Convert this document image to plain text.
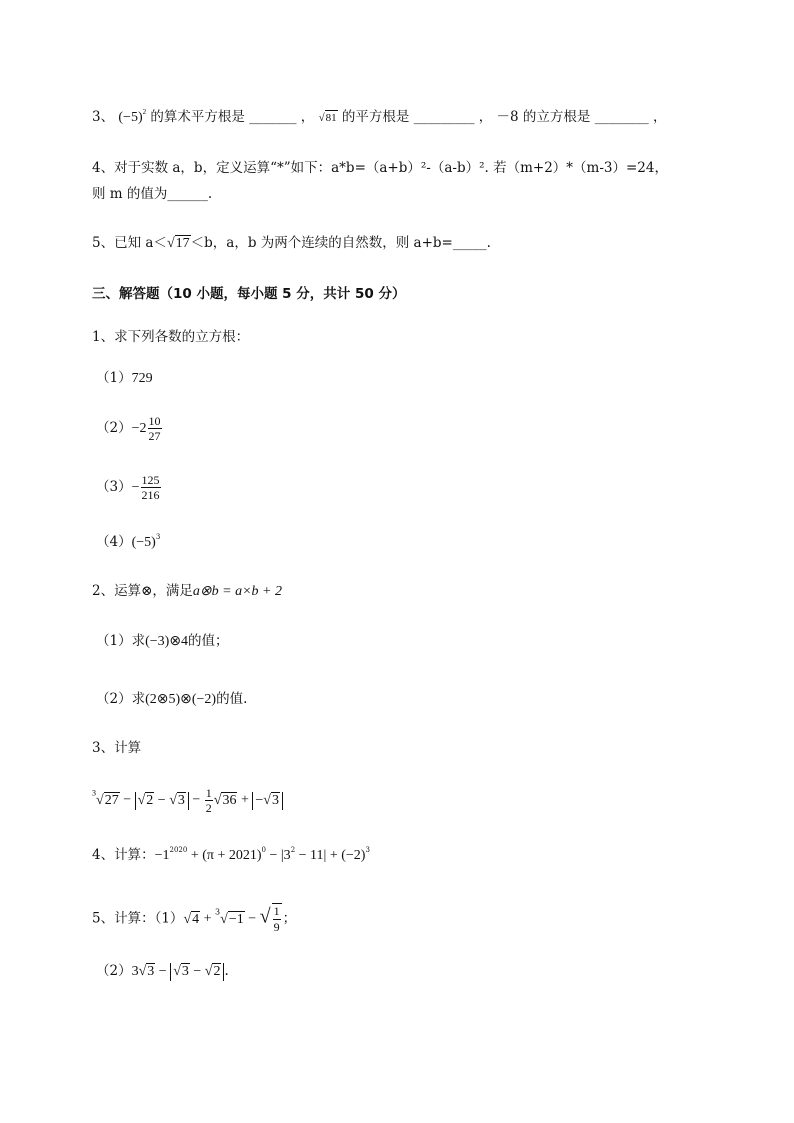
3、 $(-5)^2$ 的算术平方根是 _______ ， √81 的平方根是 _________ ， －8 的立方根是 ________ ，
4、对于实数 a，b，定义运算“*”如下：a*b=（a+b）²-（a-b）². 若（m+2）*（m-3）=24，
则 m 的值为______.
5、已知 a＜√17＜b，a，b 为两个连续的自然数，则 a+b=_____.
三、解答题（10 小题，每小题 5 分，共计 50 分）
1、求下列各数的立方根：
（1）729
$(2)-2 \frac{10}{27}$
$(3)- \frac{125}{216}$
$(4)(-5)^3$
2、运算⊗，满足a⊗b = a×b + 2
（1）求(−3)⊗4的值；
（2）求(2⊗5)⊗(−2)的值.
3、计算
$^3√27 - √2 - √3 - \frac{1}{2} √36 + -√3$
4、计算：$-1^{2020} + (\pi + 2021)^0 - |3^2 - 11| + (-2)^3$
5、计算：（1）√4 + $^3$√−1 − √ $\frac{1}{9}$ ；
（2）3√3 − √3 − √2 .
